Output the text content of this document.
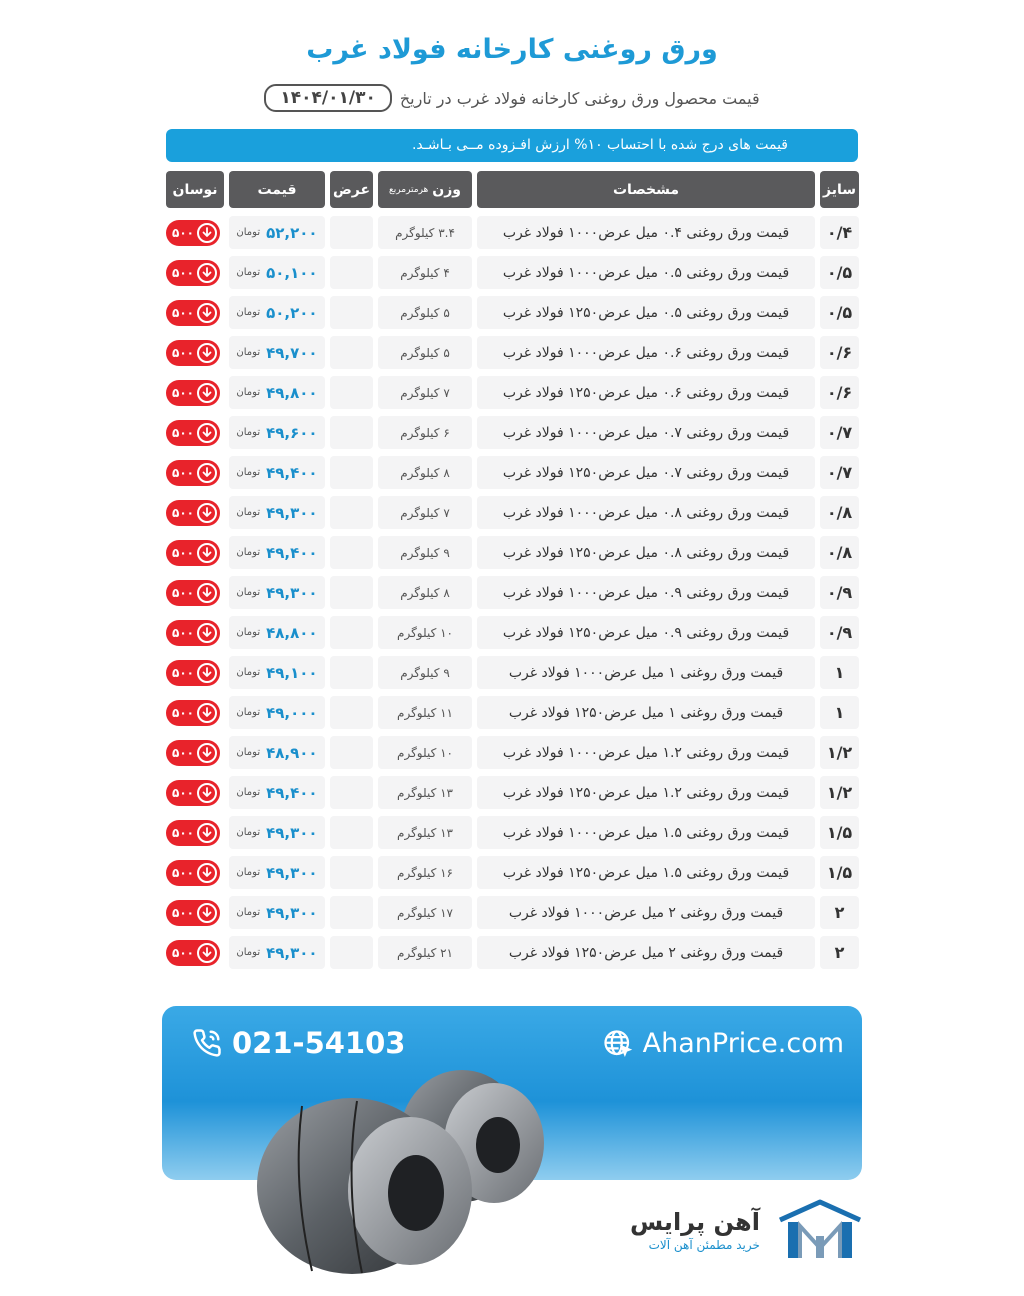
ورق روغنی کارخانه فولاد غرب
قیمت محصول ورق روغنی کارخانه فولاد غرب در تاریخ
۱۴۰۴/۰۱/۳۰
قیمت های درج شده با احتساب ۱۰% ارزش افـزوده مــی بـاشـد.
سایز
مشخصات
وزن
هرمترمربع
عرض
قیمت
نوسان
۰/۴
قیمت ورق روغنی ۰.۴ میل عرض۱۰۰۰ فولاد غرب
۳.۴ کیلوگرم
۵۲,۲۰۰
تومان
۵۰۰
۰/۵
قیمت ورق روغنی ۰.۵ میل عرض۱۰۰۰ فولاد غرب
۴ کیلوگرم
۵۰,۱۰۰
تومان
۵۰۰
۰/۵
قیمت ورق روغنی ۰.۵ میل عرض۱۲۵۰ فولاد غرب
۵ کیلوگرم
۵۰,۲۰۰
تومان
۵۰۰
۰/۶
قیمت ورق روغنی ۰.۶ میل عرض۱۰۰۰ فولاد غرب
۵ کیلوگرم
۴۹,۷۰۰
تومان
۵۰۰
۰/۶
قیمت ورق روغنی ۰.۶ میل عرض۱۲۵۰ فولاد غرب
۷ کیلوگرم
۴۹,۸۰۰
تومان
۵۰۰
۰/۷
قیمت ورق روغنی ۰.۷ میل عرض۱۰۰۰ فولاد غرب
۶ کیلوگرم
۴۹,۶۰۰
تومان
۵۰۰
۰/۷
قیمت ورق روغنی ۰.۷ میل عرض۱۲۵۰ فولاد غرب
۸ کیلوگرم
۴۹,۴۰۰
تومان
۵۰۰
۰/۸
قیمت ورق روغنی ۰.۸ میل عرض۱۰۰۰ فولاد غرب
۷ کیلوگرم
۴۹,۳۰۰
تومان
۵۰۰
۰/۸
قیمت ورق روغنی ۰.۸ میل عرض۱۲۵۰ فولاد غرب
۹ کیلوگرم
۴۹,۴۰۰
تومان
۵۰۰
۰/۹
قیمت ورق روغنی ۰.۹ میل عرض۱۰۰۰ فولاد غرب
۸ کیلوگرم
۴۹,۳۰۰
تومان
۵۰۰
۰/۹
قیمت ورق روغنی ۰.۹ میل عرض۱۲۵۰ فولاد غرب
۱۰ کیلوگرم
۴۸,۸۰۰
تومان
۵۰۰
۱
قیمت ورق روغنی ۱ میل عرض۱۰۰۰ فولاد غرب
۹ کیلوگرم
۴۹,۱۰۰
تومان
۵۰۰
۱
قیمت ورق روغنی ۱ میل عرض۱۲۵۰ فولاد غرب
۱۱ کیلوگرم
۴۹,۰۰۰
تومان
۵۰۰
۱/۲
قیمت ورق روغنی ۱.۲ میل عرض۱۰۰۰ فولاد غرب
۱۰ کیلوگرم
۴۸,۹۰۰
تومان
۵۰۰
۱/۲
قیمت ورق روغنی ۱.۲ میل عرض۱۲۵۰ فولاد غرب
۱۳ کیلوگرم
۴۹,۴۰۰
تومان
۵۰۰
۱/۵
قیمت ورق روغنی ۱.۵ میل عرض۱۰۰۰ فولاد غرب
۱۳ کیلوگرم
۴۹,۳۰۰
تومان
۵۰۰
۱/۵
قیمت ورق روغنی ۱.۵ میل عرض۱۲۵۰ فولاد غرب
۱۶ کیلوگرم
۴۹,۳۰۰
تومان
۵۰۰
۲
قیمت ورق روغنی ۲ میل عرض۱۰۰۰ فولاد غرب
۱۷ کیلوگرم
۴۹,۳۰۰
تومان
۵۰۰
۲
قیمت ورق روغنی ۲ میل عرض۱۲۵۰ فولاد غرب
۲۱ کیلوگرم
۴۹,۳۰۰
تومان
۵۰۰
021-54103	AhanPrice.com
آهن پرایس
خرید مطمئن آهن آلات
